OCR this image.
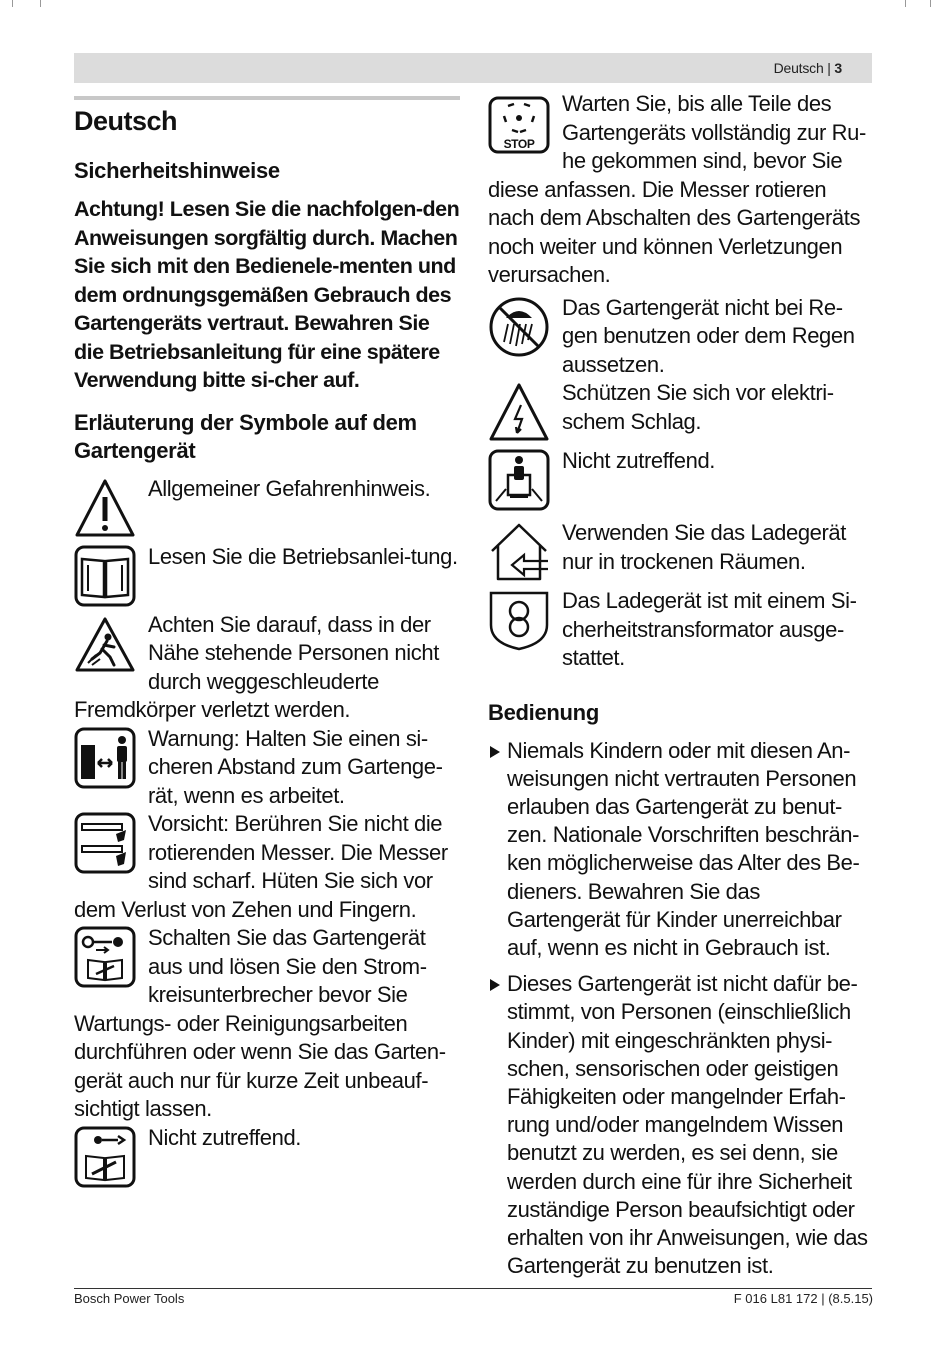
Deutsch | 3
Deutsch
Sicherheitshinweise

Achtung! Lesen Sie die nachfolgen-den Anweisungen sorgfältig durch. Machen Sie sich mit den Bedienele-menten und dem ordnungsgemäßen Gebrauch des Gartengeräts vertraut. Bewahren Sie die Betriebsanleitung für eine spätere Verwendung bitte si-cher auf.

Erläuterung der Symbole auf dem Gartengerät

Allgemeiner Gefahrenhinweis.

Lesen Sie die Betriebsanlei-tung.

Achten Sie darauf, dass in der Nähe stehende Personen nicht durch weggeschleuderte Fremdkörper verletzt werden.

Warnung: Halten Sie einen si-cheren Abstand zum Gartenge-rät, wenn es arbeitet.

Vorsicht: Berühren Sie nicht die rotierenden Messer. Die Messer sind scharf. Hüten Sie sich vor dem Verlust von Zehen und Fingern.

Schalten Sie das Gartengerät aus und lösen Sie den Strom-kreisunterbrecher bevor Sie Wartungs- oder Reinigungsarbeiten durchführen oder wenn Sie das Garten-gerät auch nur für kurze Zeit unbeauf-sichtigt lassen.

Nicht zutreffend.

STOP

Warten Sie, bis alle Teile des Gartengeräts vollständig zur Ru-he gekommen sind, bevor Sie diese anfassen. Die Messer rotieren nach dem Abschalten des Gartengeräts noch weiter und können Verletzungen verursachen.

Das Gartengerät nicht bei Re-gen benutzen oder dem Regen aussetzen.

Schützen Sie sich vor elektri-schem Schlag.

Nicht zutreffend.

Verwenden Sie das Ladegerät nur in trockenen Räumen.

Das Ladegerät ist mit einem Si-cherheitstransformator ausge-stattet.

Bedienung
Niemals Kindern oder mit diesen An-weisungen nicht vertrauten Personen erlauben das Gartengerät zu benut-zen. Nationale Vorschriften beschrän-ken möglicherweise das Alter des Be-dieners. Bewahren Sie das Gartengerät für Kinder unerreichbar auf, wenn es nicht in Gebrauch ist.
Dieses Gartengerät ist nicht dafür be-stimmt, von Personen (einschließlich Kinder) mit eingeschränkten physi-schen, sensorischen oder geistigen Fähigkeiten oder mangelnder Erfah-rung und/oder mangelndem Wissen benutzt zu werden, es sei denn, sie werden durch eine für ihre Sicherheit zuständige Person beaufsichtigt oder erhalten von ihr Anweisungen, wie das Gartengerät zu benutzen ist.
Bosch Power Tools	F 016 L81 172 | (8.5.15)
